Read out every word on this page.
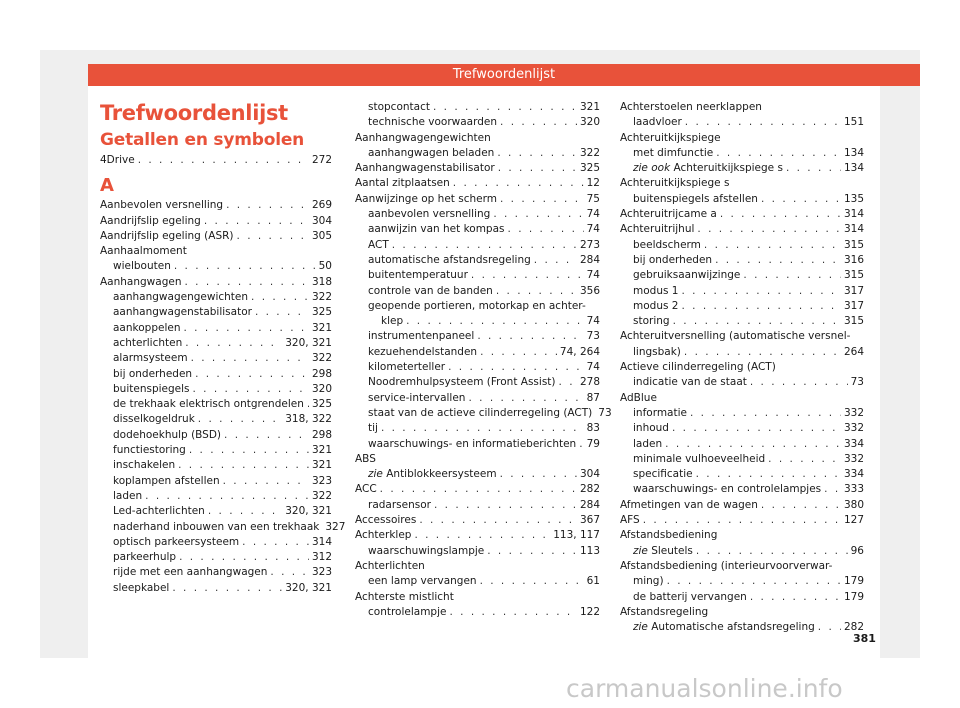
Trefwoordenlijst
Trefwoordenlijst
Getallen en symbolen
4Drive . . .	272
A
Aanbevolen versnelling . . .	269
Aandrijfslip egeling . . .	304
Aandrijfslip egeling (ASR) . . .	305
Aanhaalmoment
wielbouten . . .	50
Aanhangwagen . . .	318
aanhangwagengewichten . . .	322
aanhangwagenstabilisator . . .	325
aankoppelen . . .	321
achterlichten . . .	320, 321
alarmsysteem . . .	322
bij onderheden . . .	298
buitenspiegels . . .	320
de trekhaak elektrisch ontgrendelen . . . 325
disselkogeldruk . . .	318, 322
dodehoekhulp (BSD) . . .	298
functiestoring . . .	321
inschakelen . . .	321
koplampen afstellen . . .	323
laden . . .	322
Led-achterlichten . . .	320, 321
naderhand inbouwen van een trekhaak 327
optisch parkeersysteem . . .	314
parkeerhulp . . .	312
rijde met een aanhangwagen . . .	323
sleepkabel . . .	320, 321
stopcontact . . .	321
technische voorwaarden . . .	320
Aanhangwagengewichten
aanhangwagen beladen . . .	322
Aanhangwagenstabilisator . . .	325
Aantal zitplaatsen . . .	12
Aanwijzinge op het scherm . . .	75
aanbevolen versnelling . . .	74
aanwijzin van het kompas . . .	74
ACT . . .	273
automatische afstandsregeling . . .	284
buitentemperatuur . . .	74
controle van de banden . . .	356
geopende portieren, motorkap en achter-
klep . . .	74
instrumentenpaneel . . .	73
kezuehendelstanden . . .	74, 264
kilometerteller . . .	74
Noodremhulpsysteem (Front Assist) . . . 278
service-intervallen . . .	87
staat van de actieve cilinderregeling (ACT) 73
tij . . .	83
waarschuwings- en informatieberichten . . . 79
ABS
zie Antiblokkeersysteem . . .	304
ACC . . .	282
radarsensor . . .	284
Accessoires . . .	367
Achterklep . . .	113, 117
waarschuwingslampje . . .	113
Achterlichten
een lamp vervangen . . .	61
Achterste mistlicht
controlelampje . . .	122
Achterstoelen neerklappen
laadvloer . . .	151
Achteruitkijkspiege
met dimfunctie . . .	134
zie ook Achteruitkijkspiege s . . .	134
Achteruitkijkspiege s
buitenspiegels afstellen . . .	135
Achteruitrijcame a . . .	314
Achteruitrijhul . . .	314
beeldscherm . . .	315
bij onderheden . . .	316
gebruiksaanwijzinge . . .	315
modus 1 . . .	317
modus 2 . . .	317
storing . . .	315
Achteruitversnelling (automatische versnel-
lingsbak) . . .	264
Actieve cilinderregeling (ACT)
indicatie van de staat . . .	73
AdBlue
informatie . . .	332
inhoud . . .	332
laden . . .	334
minimale vulhoeveelheid . . .	332
specificatie . . .	334
waarschuwings- en controlelampjes . . . 333
Afmetingen van de wagen . . .	380
AFS . . .	127
Afstandsbediening
zie Sleutels . . .	96
Afstandsbediening (interieurvoorverwar-
ming) . . .	179
de batterij vervangen . . .	179
Afstandsregeling
zie Automatische afstandsregeling . . .	282
381
carmanualsonline.info
